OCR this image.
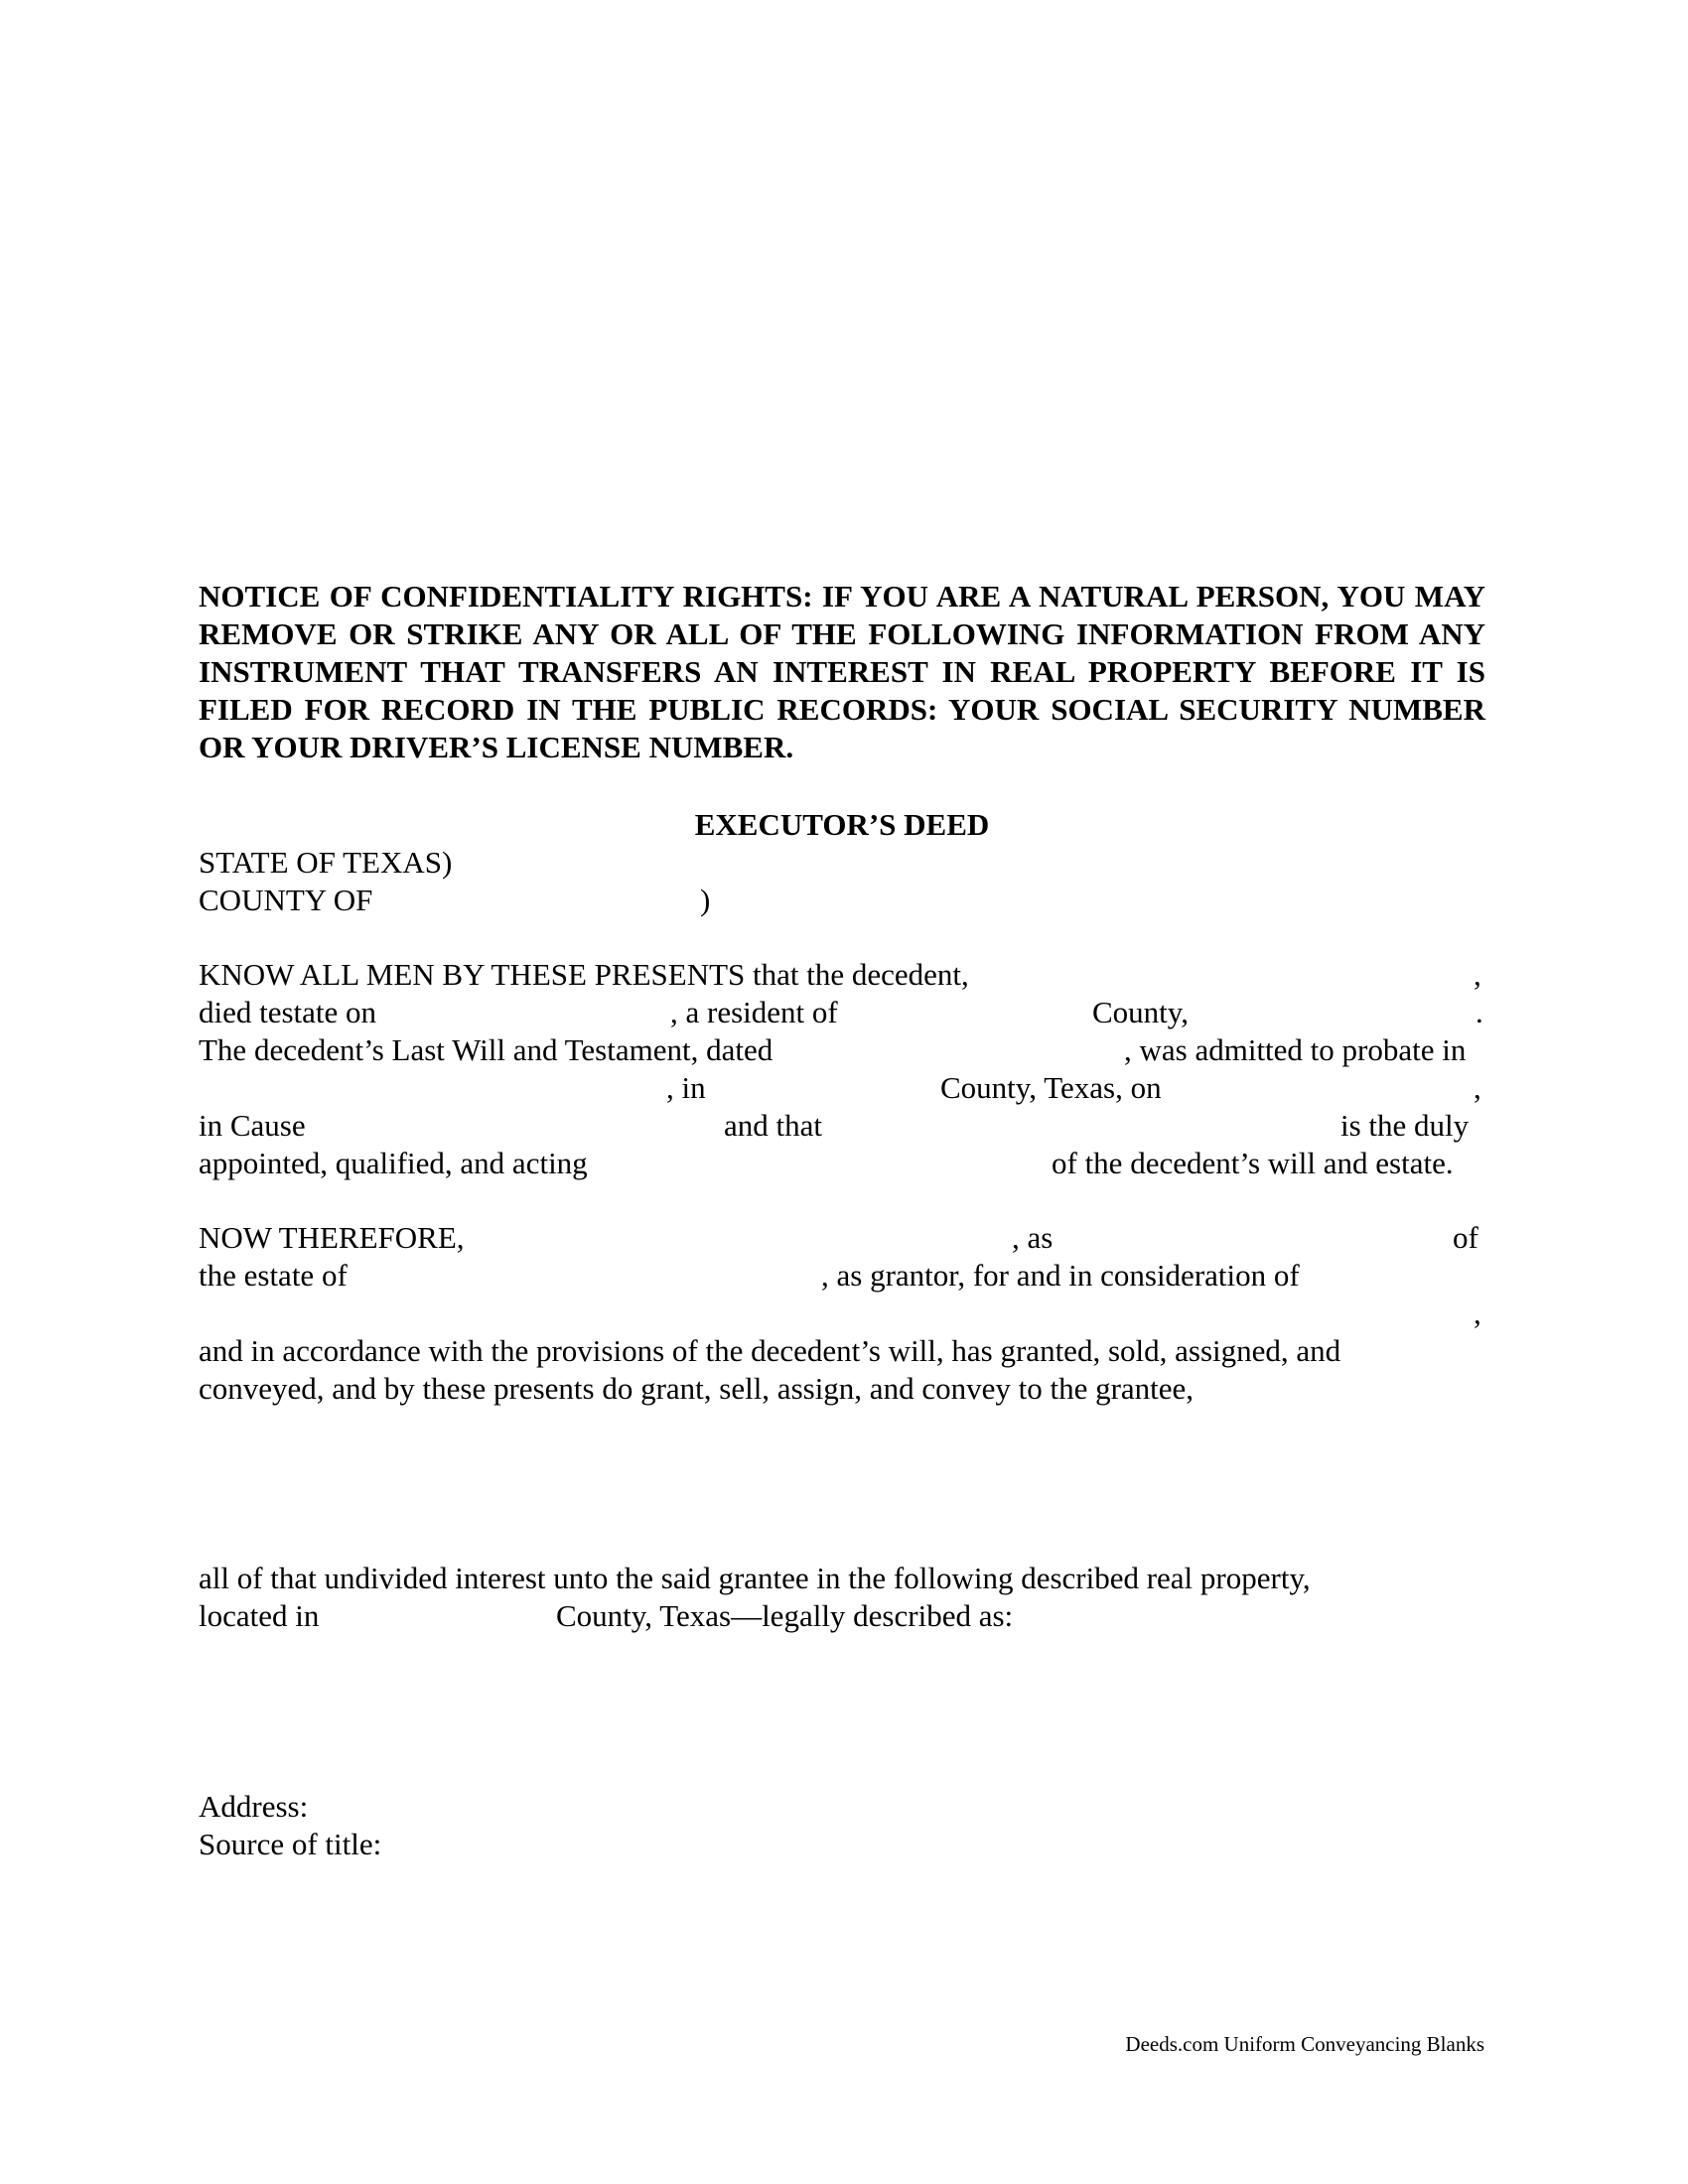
NOTICE OF CONFIDENTIALITY RIGHTS: IF YOU ARE A NATURAL PERSON, YOU MAY REMOVE OR STRIKE ANY OR ALL OF THE FOLLOWING INFORMATION FROM ANY INSTRUMENT THAT TRANSFERS AN INTEREST IN REAL PROPERTY BEFORE IT IS FILED FOR RECORD IN THE PUBLIC RECORDS: YOUR SOCIAL SECURITY NUMBER OR YOUR DRIVER’S LICENSE NUMBER.

EXECUTOR’S DEED
STATE OF TEXAS)
COUNTY OF	)
KNOW ALL MEN BY THESE PRESENTS that the decedent,	,
died testate on	, a resident of	County,	.
The decedent’s Last Will and Testament, dated	, was admitted to probate in
, in	County, Texas, on	,
in Cause	and that	is the duly
appointed, qualified, and acting	of the decedent’s will and estate.
NOW THEREFORE,	, as	of
the estate of	, as grantor, for and in consideration of
,
and in accordance with the provisions of the decedent’s will, has granted, sold, assigned, and
conveyed, and by these presents do grant, sell, assign, and convey to the grantee,
all of that undivided interest unto the said grantee in the following described real property,
located in	County, Texas—legally described as:
Address:
Source of title:
Deeds.com Uniform Conveyancing Blanks
